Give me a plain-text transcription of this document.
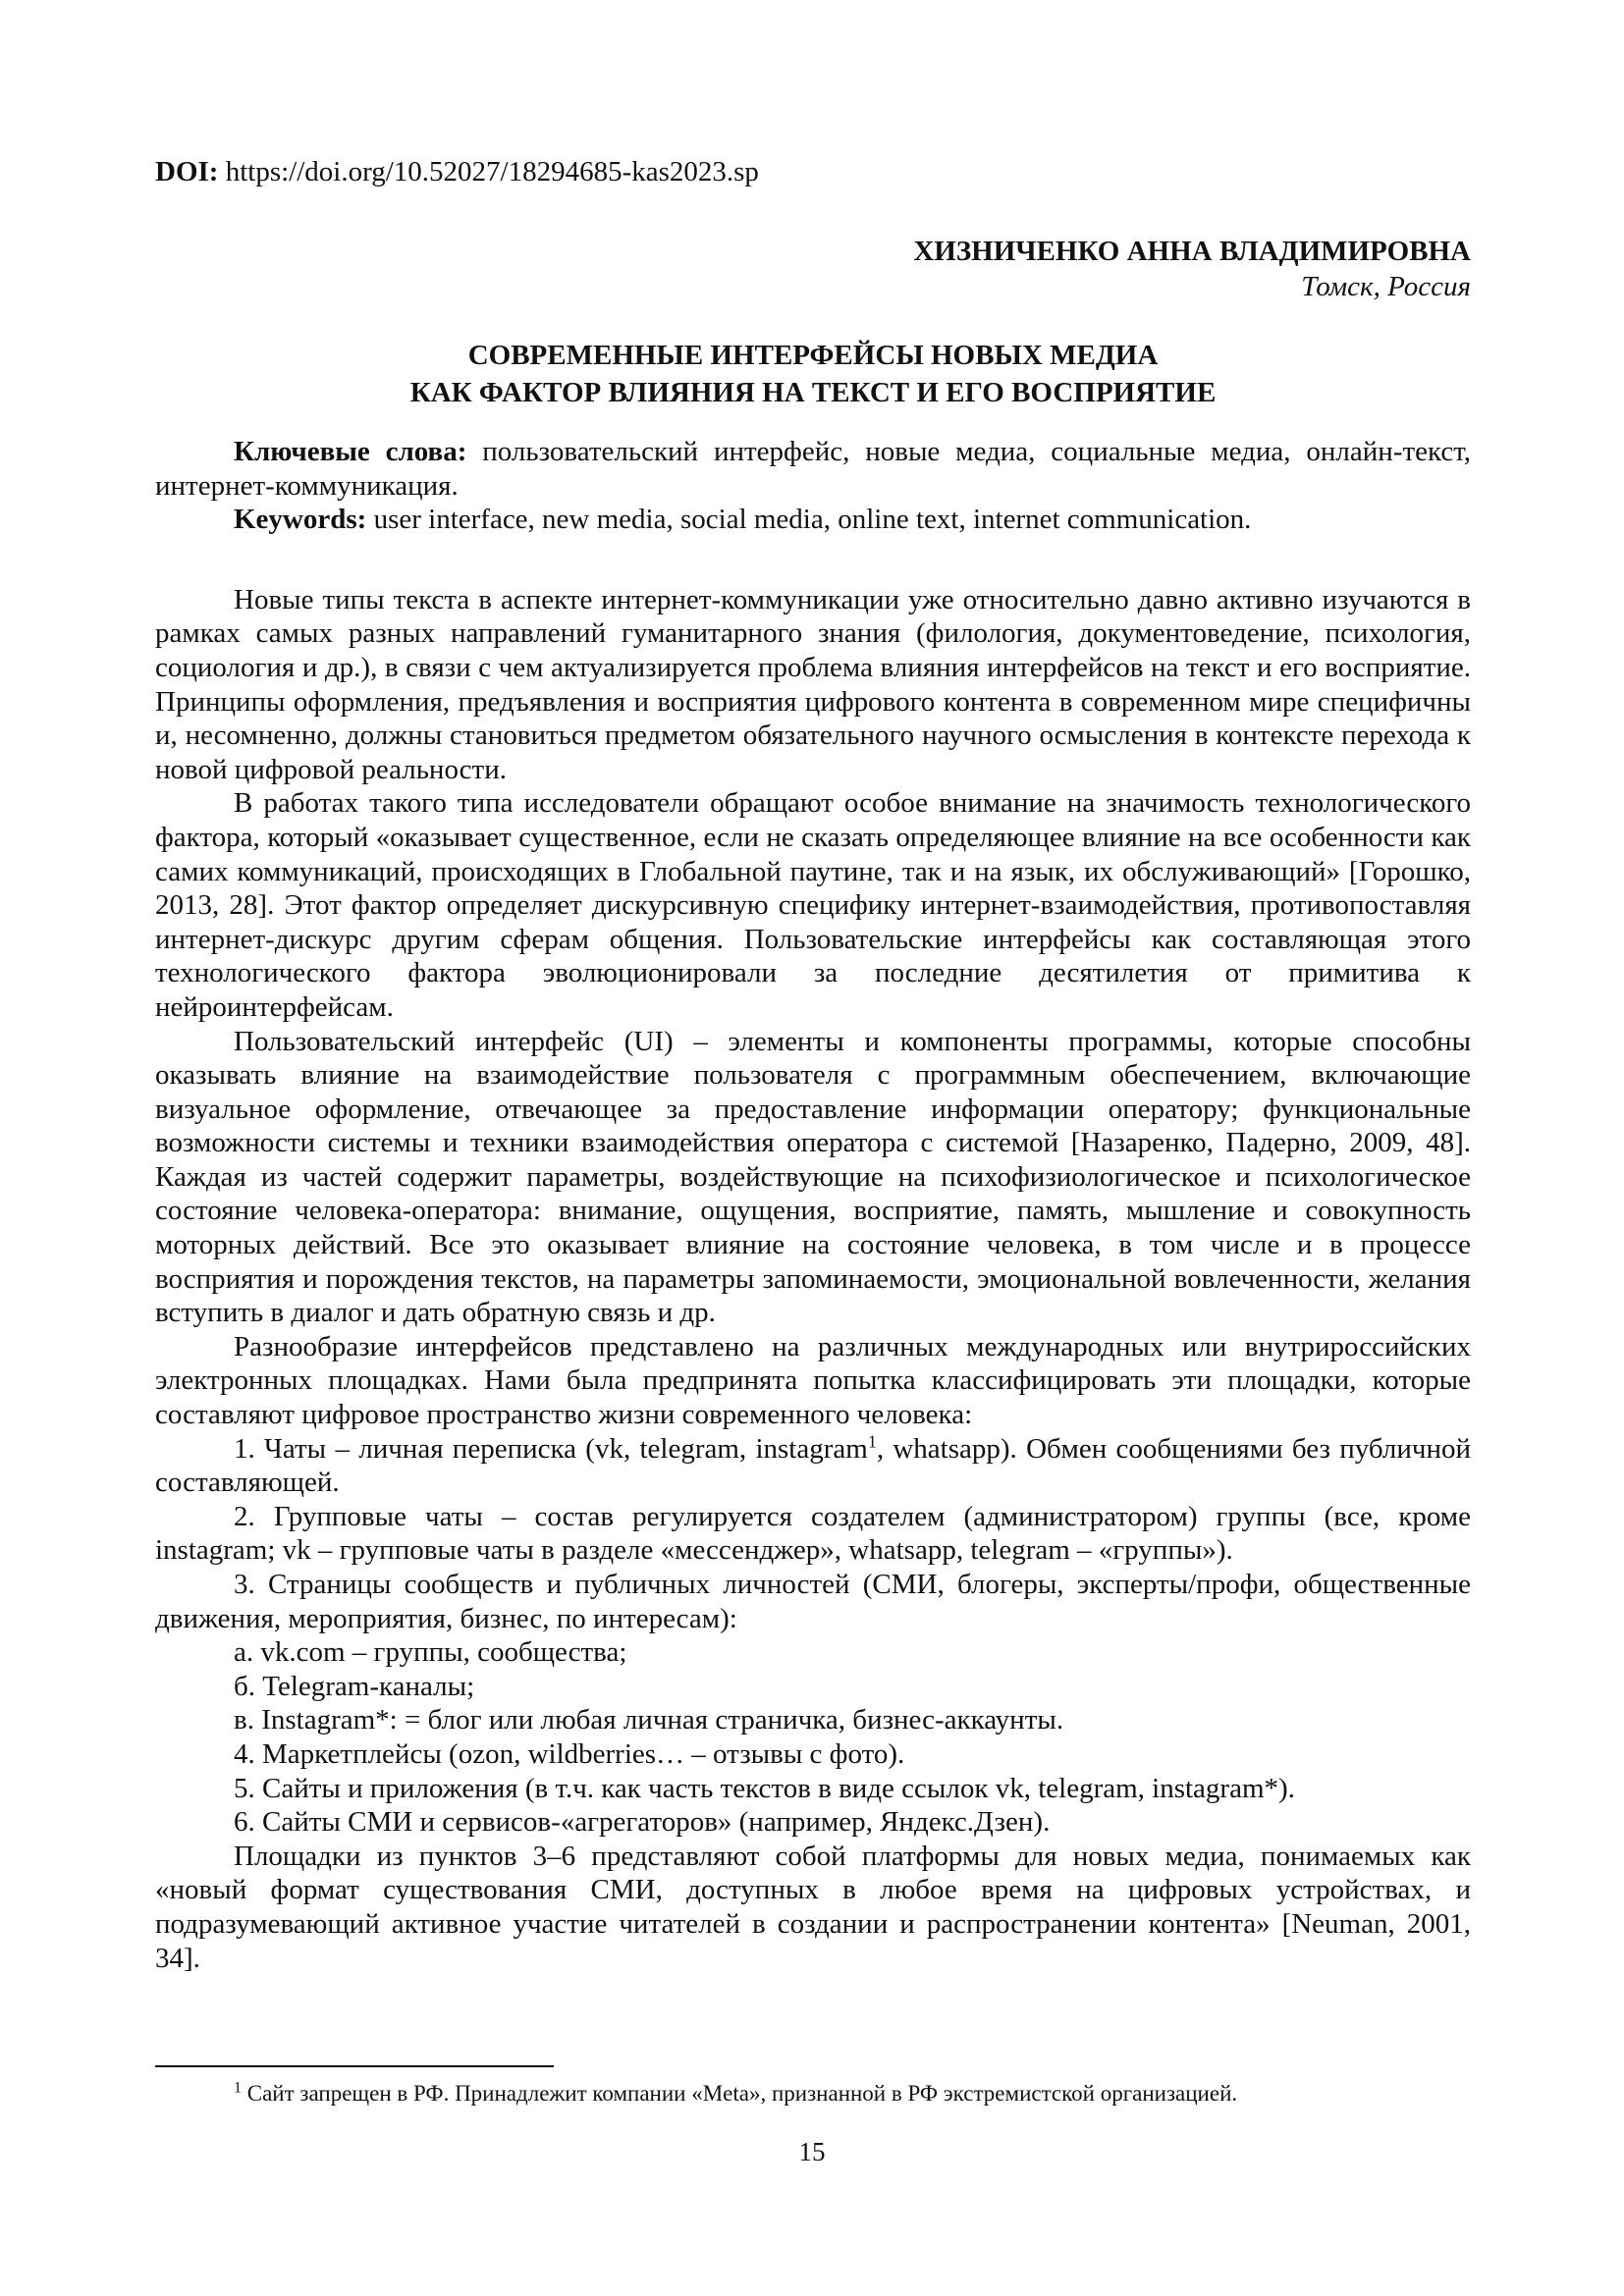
DOI: https://doi.org/10.52027/18294685-kas2023.sp
ХИЗНИЧЕНКО АННА ВЛАДИМИРОВНА
Томск, Россия
СОВРЕМЕННЫЕ ИНТЕРФЕЙСЫ НОВЫХ МЕДИА
КАК ФАКТОР ВЛИЯНИЯ НА ТЕКСТ И ЕГО ВОСПРИЯТИЕ

Ключевые слова: пользовательский интерфейс, новые медиа, социальные медиа, онлайн-текст, интернет-коммуникация.

Keywords: user interface, new media, social media, online text, internet communication.

Новые типы текста в аспекте интернет-коммуникации уже относительно давно активно изучаются в рамках самых разных направлений гуманитарного знания (филология, документоведение, психология, социология и др.), в связи с чем актуализируется проблема влияния интерфейсов на текст и его восприятие. Принципы оформления, предъявления и восприятия цифрового контента в современном мире специфичны и, несомненно, должны становиться предметом обязательного научного осмысления в контексте перехода к новой цифровой реальности.

В работах такого типа исследователи обращают особое внимание на значимость технологического фактора, который «оказывает существенное, если не сказать определяющее влияние на все особенности как самих коммуникаций, происходящих в Глобальной паутине, так и на язык, их обслуживающий» [Горошко, 2013, 28]. Этот фактор определяет дискурсивную специфику интернет-взаимодействия, противопоставляя интернет-дискурс другим сферам общения. Пользовательские интерфейсы как составляющая этого технологического фактора эволюционировали за последние десятилетия от примитива к нейроинтерфейсам.

Пользовательский интерфейс (UI) – элементы и компоненты программы, которые способны оказывать влияние на взаимодействие пользователя с программным обеспечением, включающие визуальное оформление, отвечающее за предоставление информации оператору; функциональные возможности системы и техники взаимодействия оператора с системой [Назаренко, Падерно, 2009, 48]. Каждая из частей содержит параметры, воздействующие на психофизиологическое и психологическое состояние человека-оператора: внимание, ощущения, восприятие, память, мышление и совокупность моторных действий. Все это оказывает влияние на состояние человека, в том числе и в процессе восприятия и порождения текстов, на параметры запоминаемости, эмоциональной вовлеченности, желания вступить в диалог и дать обратную связь и др.

Разнообразие интерфейсов представлено на различных международных или внутрироссийских электронных площадках. Нами была предпринята попытка классифицировать эти площадки, которые составляют цифровое пространство жизни современного человека:

1. Чаты – личная переписка (vk, telegram, instagram$^1$, whatsapp). Обмен сообщениями без публичной составляющей.

2. Групповые чаты – состав регулируется создателем (администратором) группы (все, кроме instagram; vk – групповые чаты в разделе «мессенджер», whatsapp, telegram – «группы»).

3. Страницы сообществ и публичных личностей (СМИ, блогеры, эксперты/профи, общественные движения, мероприятия, бизнес, по интересам):

а. vk.com – группы, сообщества;

б. Telegram-каналы;

в. Instagram*: = блог или любая личная страничка, бизнес-аккаунты.

4. Маркетплейсы (ozon, wildberries… – отзывы с фото).

5. Сайты и приложения (в т.ч. как часть текстов в виде ссылок vk, telegram, instagram*).

6. Сайты СМИ и сервисов-«агрегаторов» (например, Яндекс.Дзен).

Площадки из пунктов 3–6 представляют собой платформы для новых медиа, понимаемых как «новый формат существования СМИ, доступных в любое время на цифровых устройствах, и подразумевающий активное участие читателей в создании и распространении контента» [Neuman, 2001, 34].

$^1$ Сайт запрещен в РФ. Принадлежит компании «Meta», признанной в РФ экстремистской организацией.
15
